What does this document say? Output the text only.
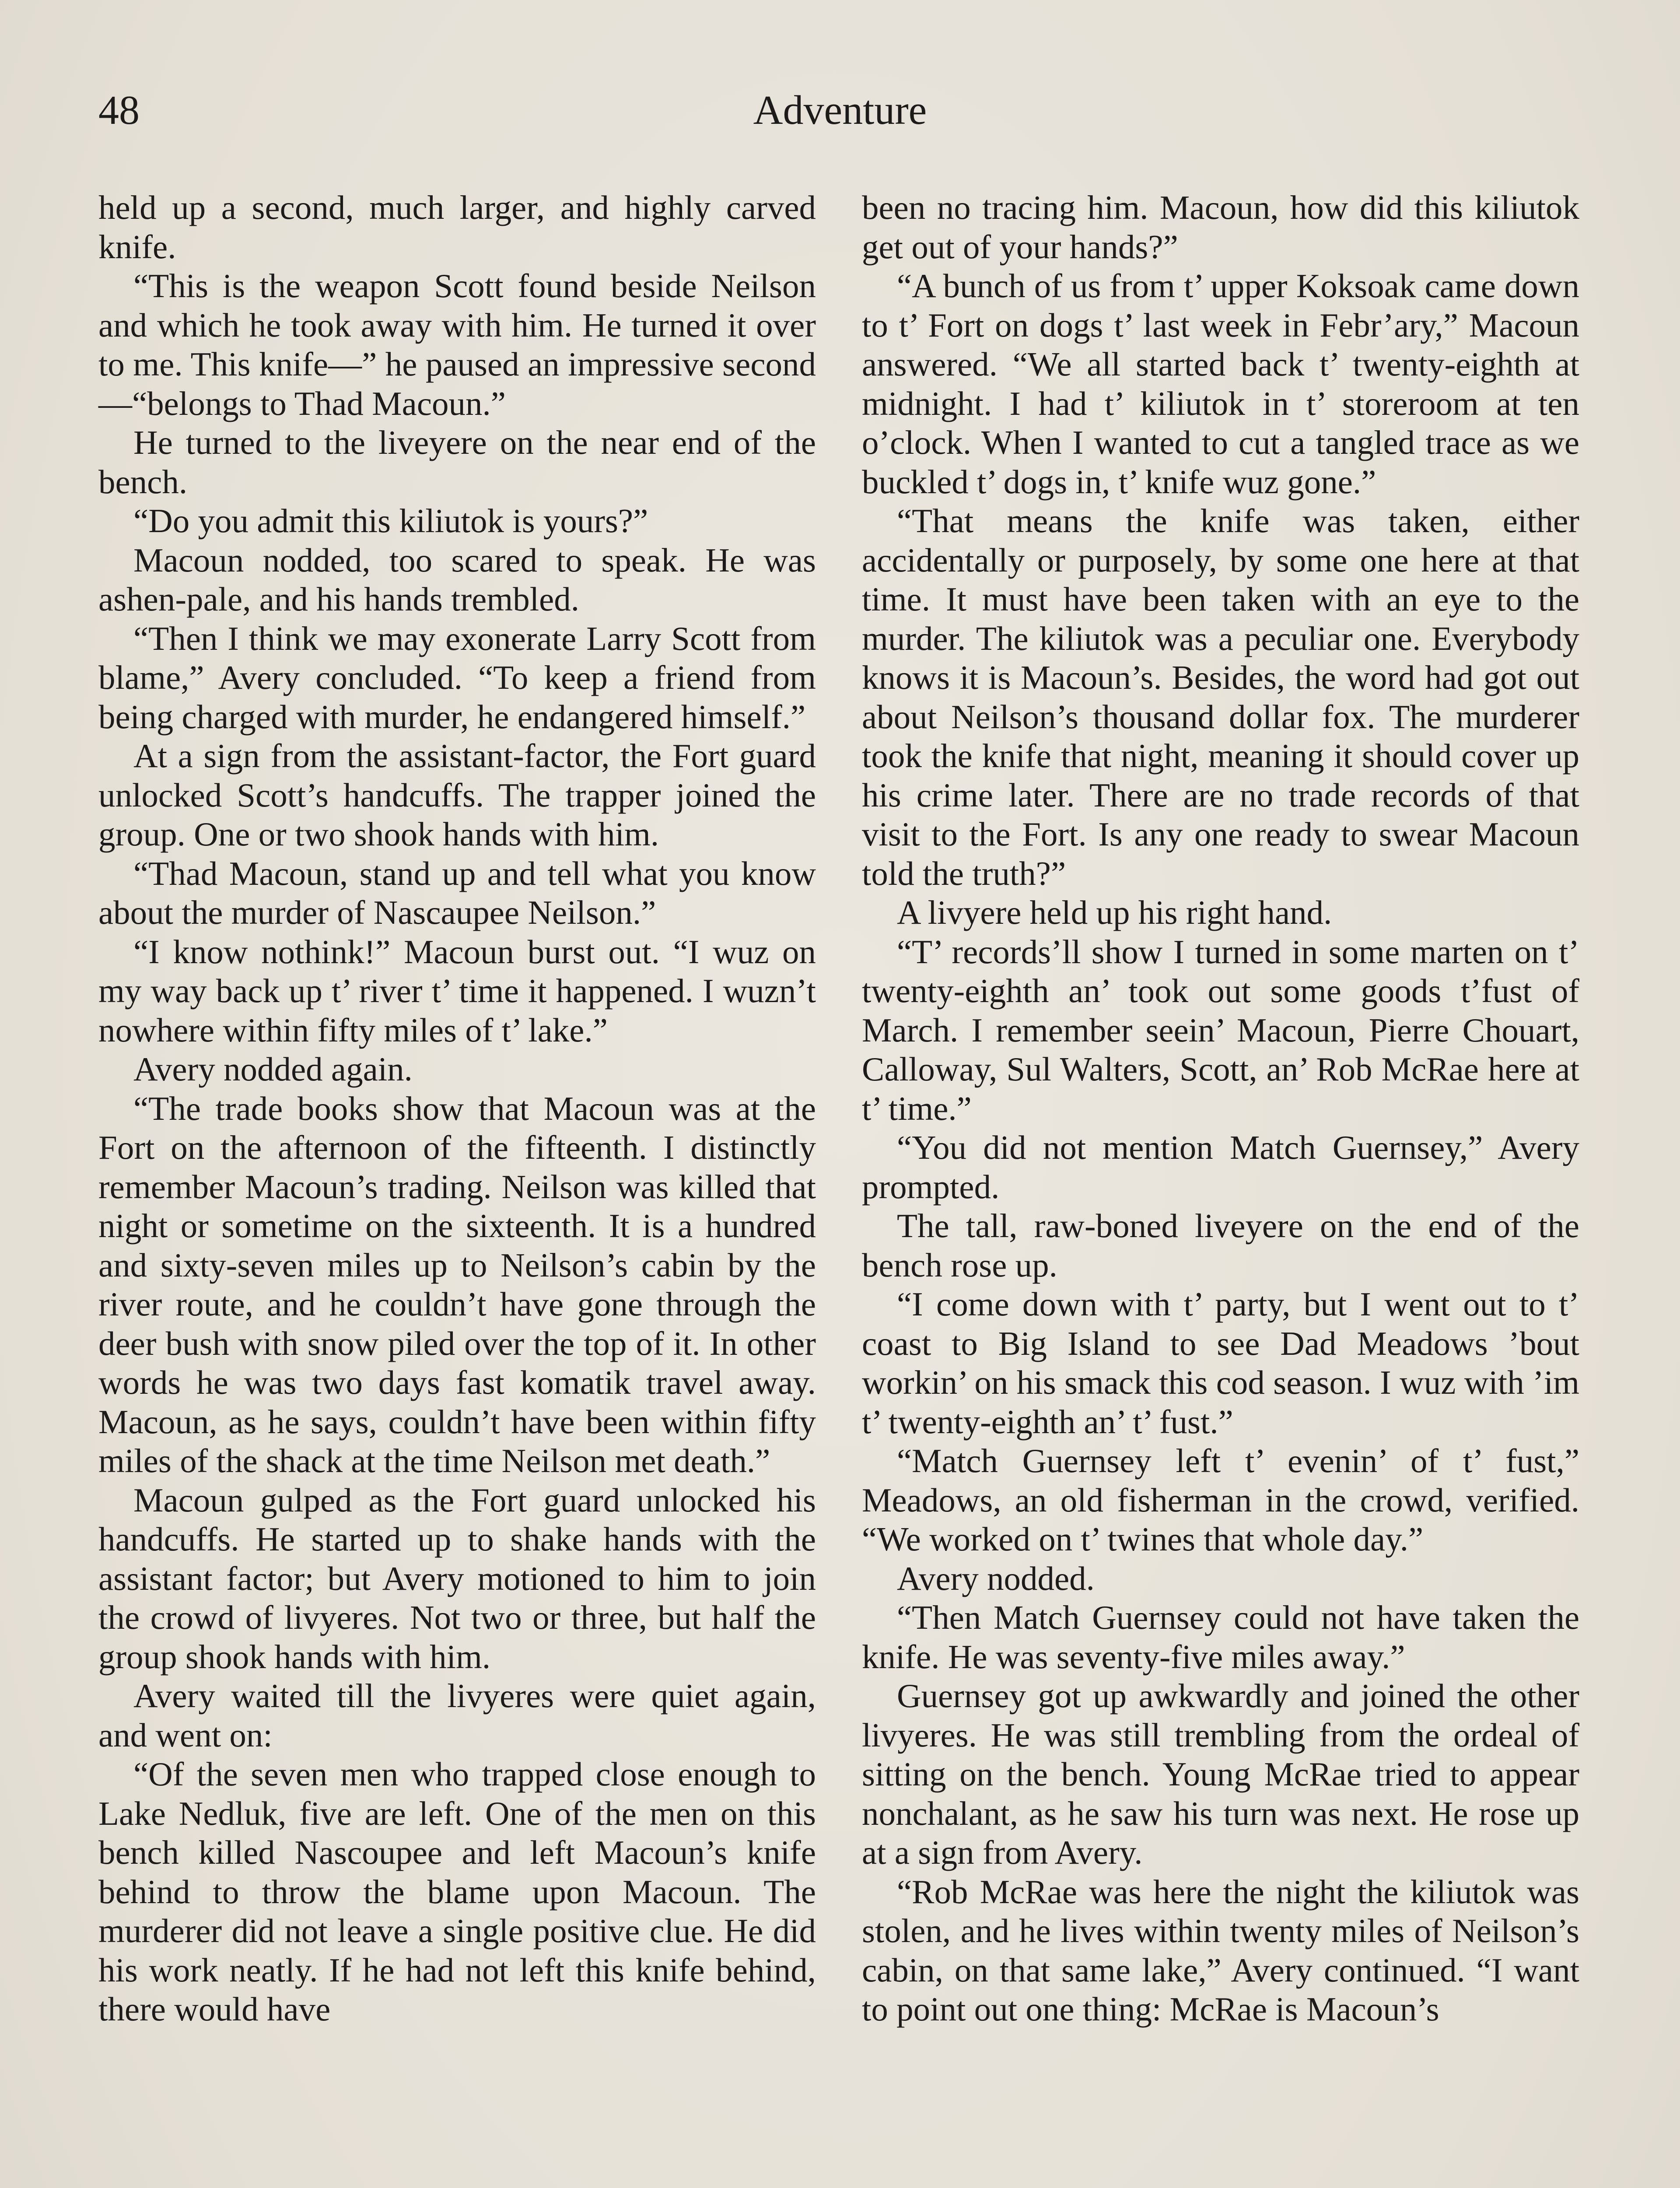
48	Adventure

held up a second, much larger, and highly carved knife.

“This is the weapon Scott found beside Neilson and which he took away with him. He turned it over to me. This knife—” he paused an impressive second—“belongs to Thad Macoun.”

He turned to the liveyere on the near end of the bench.

“Do you admit this kiliutok is yours?”

Macoun nodded, too scared to speak. He was ashen-pale, and his hands trembled.

“Then I think we may exonerate Larry Scott from blame,” Avery concluded. “To keep a friend from being charged with murder, he endangered himself.”

At a sign from the assistant-factor, the Fort guard unlocked Scott’s handcuffs. The trapper joined the group. One or two shook hands with him.

“Thad Macoun, stand up and tell what you know about the murder of Nascaupee Neilson.”

“I know nothink!” Macoun burst out. “I wuz on my way back up t’ river t’ time it happened. I wuzn’t nowhere within fifty miles of t’ lake.”

Avery nodded again.

“The trade books show that Macoun was at the Fort on the afternoon of the fifteenth. I distinctly remember Macoun’s trading. Neilson was killed that night or sometime on the sixteenth. It is a hundred and sixty-seven miles up to Neilson’s cabin by the river route, and he couldn’t have gone through the deer bush with snow piled over the top of it. In other words he was two days fast komatik travel away. Macoun, as he says, couldn’t have been within fifty miles of the shack at the time Neilson met death.”

Macoun gulped as the Fort guard unlocked his handcuffs. He started up to shake hands with the assistant factor; but Avery motioned to him to join the crowd of livyeres. Not two or three, but half the group shook hands with him.

Avery waited till the livyeres were quiet again, and went on:

“Of the seven men who trapped close enough to Lake Nedluk, five are left. One of the men on this bench killed Nascoupee and left Macoun’s knife behind to throw the blame upon Macoun. The murderer did not leave a single positive clue. He did his work neatly. If he had not left this knife behind, there would have

been no tracing him. Macoun, how did this kiliutok get out of your hands?”

“A bunch of us from t’ upper Koksoak came down to t’ Fort on dogs t’ last week in Febr’ary,” Macoun answered. “We all started back t’ twenty-eighth at midnight. I had t’ kiliutok in t’ storeroom at ten o’clock. When I wanted to cut a tangled trace as we buckled t’ dogs in, t’ knife wuz gone.”

“That means the knife was taken, either accidentally or purposely, by some one here at that time. It must have been taken with an eye to the murder. The kiliutok was a peculiar one. Everybody knows it is Macoun’s. Besides, the word had got out about Neilson’s thousand dollar fox. The murderer took the knife that night, meaning it should cover up his crime later. There are no trade records of that visit to the Fort. Is any one ready to swear Macoun told the truth?”

A livyere held up his right hand.

“T’ records’ll show I turned in some marten on t’ twenty-eighth an’ took out some goods t’fust of March. I remember seein’ Macoun, Pierre Chouart, Calloway, Sul Walters, Scott, an’ Rob McRae here at t’ time.”

“You did not mention Match Guernsey,” Avery prompted.

The tall, raw-boned liveyere on the end of the bench rose up.

“I come down with t’ party, but I went out to t’ coast to Big Island to see Dad Meadows ’bout workin’ on his smack this cod season. I wuz with ’im t’ twenty-eighth an’ t’ fust.”

“Match Guernsey left t’ evenin’ of t’ fust,” Meadows, an old fisherman in the crowd, verified. “We worked on t’ twines that whole day.”

Avery nodded.

“Then Match Guernsey could not have taken the knife. He was seventy-five miles away.”

Guernsey got up awkwardly and joined the other livyeres. He was still trembling from the ordeal of sitting on the bench. Young McRae tried to appear nonchalant, as he saw his turn was next. He rose up at a sign from Avery.

“Rob McRae was here the night the kiliutok was stolen, and he lives within twenty miles of Neilson’s cabin, on that same lake,” Avery continued. “I want to point out one thing: McRae is Macoun’s
